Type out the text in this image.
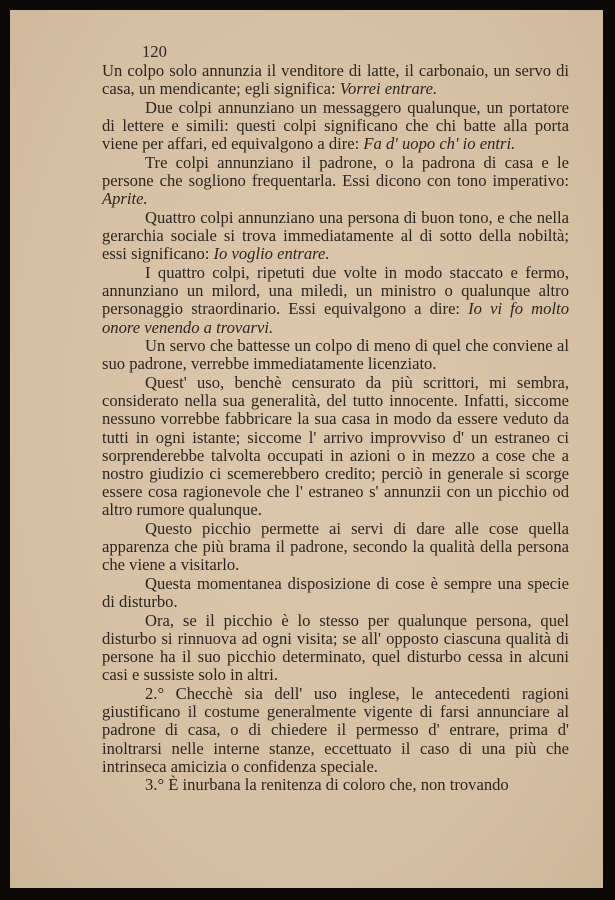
120

Un colpo solo annunzia il venditore di latte, il carbonaio, un servo di casa, un mendicante; egli significa: Vorrei entrare.

Due colpi annunziano un messaggero qualunque, un portatore di lettere e simili: questi colpi significano che chi batte alla porta viene per affari, ed equivalgono a dire: Fa d' uopo ch' io entri.

Tre colpi annunziano il padrone, o la padrona di casa e le persone che sogliono frequentarla. Essi dicono con tono imperativo: Aprite.

Quattro colpi annunziano una persona di buon tono, e che nella gerarchia sociale si trova immediatamente al di sotto della nobiltà; essi significano: Io voglio entrare.

I quattro colpi, ripetuti due volte in modo staccato e fermo, annunziano un milord, una miledi, un ministro o qualunque altro personaggio straordinario. Essi equivalgono a dire: Io vi fo molto onore venendo a trovarvi.

Un servo che battesse un colpo di meno di quel che conviene al suo padrone, verrebbe immediatamente licenziato.

Quest' uso, benchè censurato da più scrittori, mi sembra, considerato nella sua generalità, del tutto innocente. Infatti, siccome nessuno vorrebbe fabbricare la sua casa in modo da essere veduto da tutti in ogni istante; siccome l' arrivo improvviso d' un estraneo ci sorprenderebbe talvolta occupati in azioni o in mezzo a cose che a nostro giudizio ci scemerebbero credito; perciò in generale si scorge essere cosa ragionevole che l' estraneo s' annunzii con un picchio od altro rumore qualunque.

Questo picchio permette ai servi di dare alle cose quella apparenza che più brama il padrone, secondo la qualità della persona che viene a visitarlo.

Questa momentanea disposizione di cose è sempre una specie di disturbo.

Ora, se il picchio è lo stesso per qualunque persona, quel disturbo si rinnuova ad ogni visita; se all' opposto ciascuna qualità di persone ha il suo picchio determinato, quel disturbo cessa in alcuni casi e sussiste solo in altri.

2.° Checchè sia dell' uso inglese, le antecedenti ragioni giustificano il costume generalmente vigente di farsi annunciare al padrone di casa, o di chiedere il permesso d' entrare, prima d' inoltrarsi nelle interne stanze, eccettuato il caso di una più che intrinseca amicizia o confidenza speciale.

3.° È inurbana la renitenza di coloro che, non trovando
